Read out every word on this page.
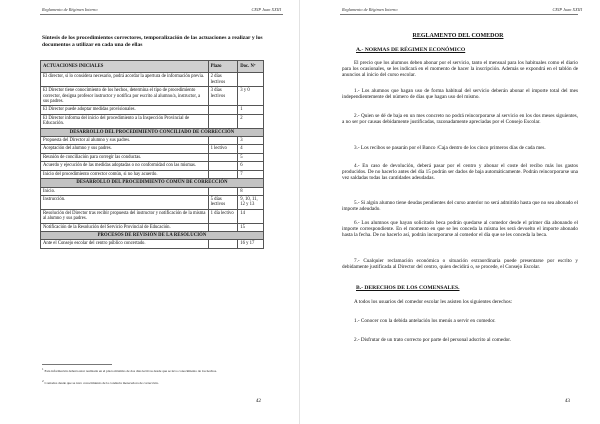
Reglamento de Régimen Interno	CEIP Juan XXIII
Síntesis de los procedimientos correctores, temporalización de las actuaciones a realizar y los documentos a utilizar en cada una de ellas
ACTUACIONES INICIALES	Plazo	Doc. Nº
El director, si lo considera necesario, podrá acordar la apertura de información previa.	2 días lectivos	
El Director tiene conocimiento de los hechos, determina el tipo de procedimiento corrector, designa profesor instructor y notifica por escrito al alumno/a, instructor, a sus padres.	3 días lectivos	3 y 0
El Director puede adoptar medidas provisionales.		1
El Director informa del inicio del procedimiento a la Inspección Provincial de Educación.		2
DESARROLLO DEL PROCEDIMIENTO CONCILIADO DE CORRECCIÓN		
Propuesta del Director al alumno y sus padres.		3
Aceptación del alumno y sus padres.	1 lectivo	4
Reunión de conciliación para corregir las conductas.		5
Acuerdo y ejecución de las medidas adoptadas o no conformidad con las mismas.		6
Inicio del procedimiento corrector común, si no hay acuerdo.		7
DESARROLLO DEL PROCEDIMIENTO COMÚN DE CORRECCIÓN		
Inicio.		8
Instrucción.	5 días lectivos	9, 10, 11, 12 y 13
Resolución del Director tras recibir propuesta del instructor y notificación de la misma al alumno y sus padres.	1 día lectivo	14
Notificación de la Resolución del Servicio Provincial de Educación.		15
PROCESOS DE REVISIÓN DE LA RESOLUCIÓN		
Ante el Consejo escolar del centro público concertado.		16 y 17
1 Esta información deberá estar realizada en el plazo máximo de dos días lectivos desde que se tuvo conocimiento de los hechos.
2 Contados desde que se tuvo conocimiento de la conducta merecedora de corrección.
42
Reglamento de Régimen Interno	CEIP Juan XXIII
REGLAMENTO DEL COMEDOR
A.- NORMAS DE RÉGIMEN ECONÓMICO
El precio que los alumnos deben abonar por el servicio, tanto el mensual para los habituales como el diario para los ocasionales, se les indicará en el momento de hacer la inscripción. Además se expondrá en el tablón de anuncios al inicio del curso escolar.
1.- Los alumnos que hagan uso de forma habitual del servicio deberán abonar el importe total del mes independientemente del número de días que hagan uso del mismo.
2.- Quien se dé de baja en un mes concreto no podrá reincorporarse al servicio en los dos meses siguientes, a no ser por causas debidamente justificadas, razonadamente apreciadas por el Consejo Escolar.
3.- Los recibos se pasarán por el Banco /Caja dentro de los cinco primeros días de cada mes.
4.- En caso de devolución, deberá pasar por el centro y abonar el coste del recibo más los gastos producidos. De no hacerlo antes del día 15 podrán ser dados de baja automáticamente. Podrán reincorporarse una vez saldadas todas las cantidades adeudadas.
5.- Si algún alumno tiene deudas pendientes del curso anterior no será admitido hasta que no sea abonado el importe adeudado.
6.- Los alumnos que hayan solicitado beca podrán quedarse al comedor desde el primer día abonando el importe correspondiente. En el momento en que se les conceda la misma les será devuelto el importe abonado hasta la fecha. De no hacerlo así, podrán incorporarse al comedor el día que se les conceda la beca.
7.- Cualquier reclamación económica o situación extraordinaria puede presentarse por escrito y debidamente justificada al Director del centro, quien decidirá o, se procede, el Consejo Escolar.
B.- DERECHOS DE LOS COMENSALES.
A todos los usuarios del comedor escolar les asisten los siguientes derechos:
1.- Conocer con la debida antelación los menús a servir en comedor.
2.- Disfrutar de un trato correcto por parte del personal adscrito al comedor.
43
